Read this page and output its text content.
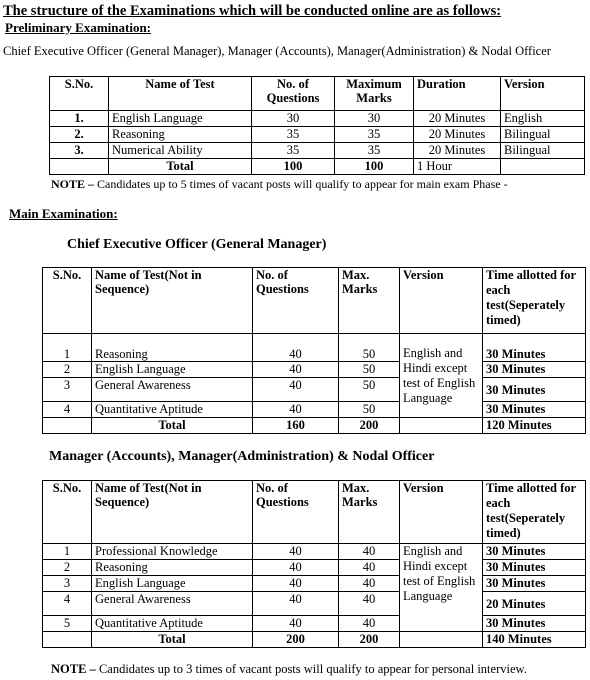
The structure of the Examinations which will be conducted online are as follows:
Preliminary Examination:
Chief Executive Officer (General Manager), Manager (Accounts), Manager(Administration) & Nodal Officer
S.No.	Name of Test	No. of Questions	Maximum Marks	Duration	Version
1.	English Language	30	30	20 Minutes	English
2.	Reasoning	35	35	20 Minutes	Bilingual
3.	Numerical Ability	35	35	20 Minutes	Bilingual
	Total	100	100	1 Hour	
NOTE – Candidates up to 5 times of vacant posts will qualify to appear for main exam Phase -
Main Examination:
Chief Executive Officer (General Manager)
S.No.	Name of Test(Not in Sequence)	No. of Questions	Max. Marks	Version	Time allotted for each test(Seperately timed)
1	Reasoning	40	50	English and Hindi except test of English Language	30 Minutes
2	English Language	40	50		30 Minutes
3	General Awareness	40	50		30 Minutes
4	Quantitative Aptitude	40	50		30 Minutes
	Total	160	200		120 Minutes
Manager (Accounts), Manager(Administration) & Nodal Officer
S.No.	Name of Test(Not in Sequence)	No. of Questions	Max. Marks	Version	Time allotted for each test(Seperately timed)
1	Professional Knowledge	40	40	English and Hindi except test of English Language	30 Minutes
2	Reasoning	40	40		30 Minutes
3	English Language	40	40		30 Minutes
4	General Awareness	40	40		20 Minutes
5	Quantitative Aptitude	40	40		30 Minutes
	Total	200	200		140 Minutes
NOTE – Candidates up to 3 times of vacant posts will qualify to appear for personal interview.
